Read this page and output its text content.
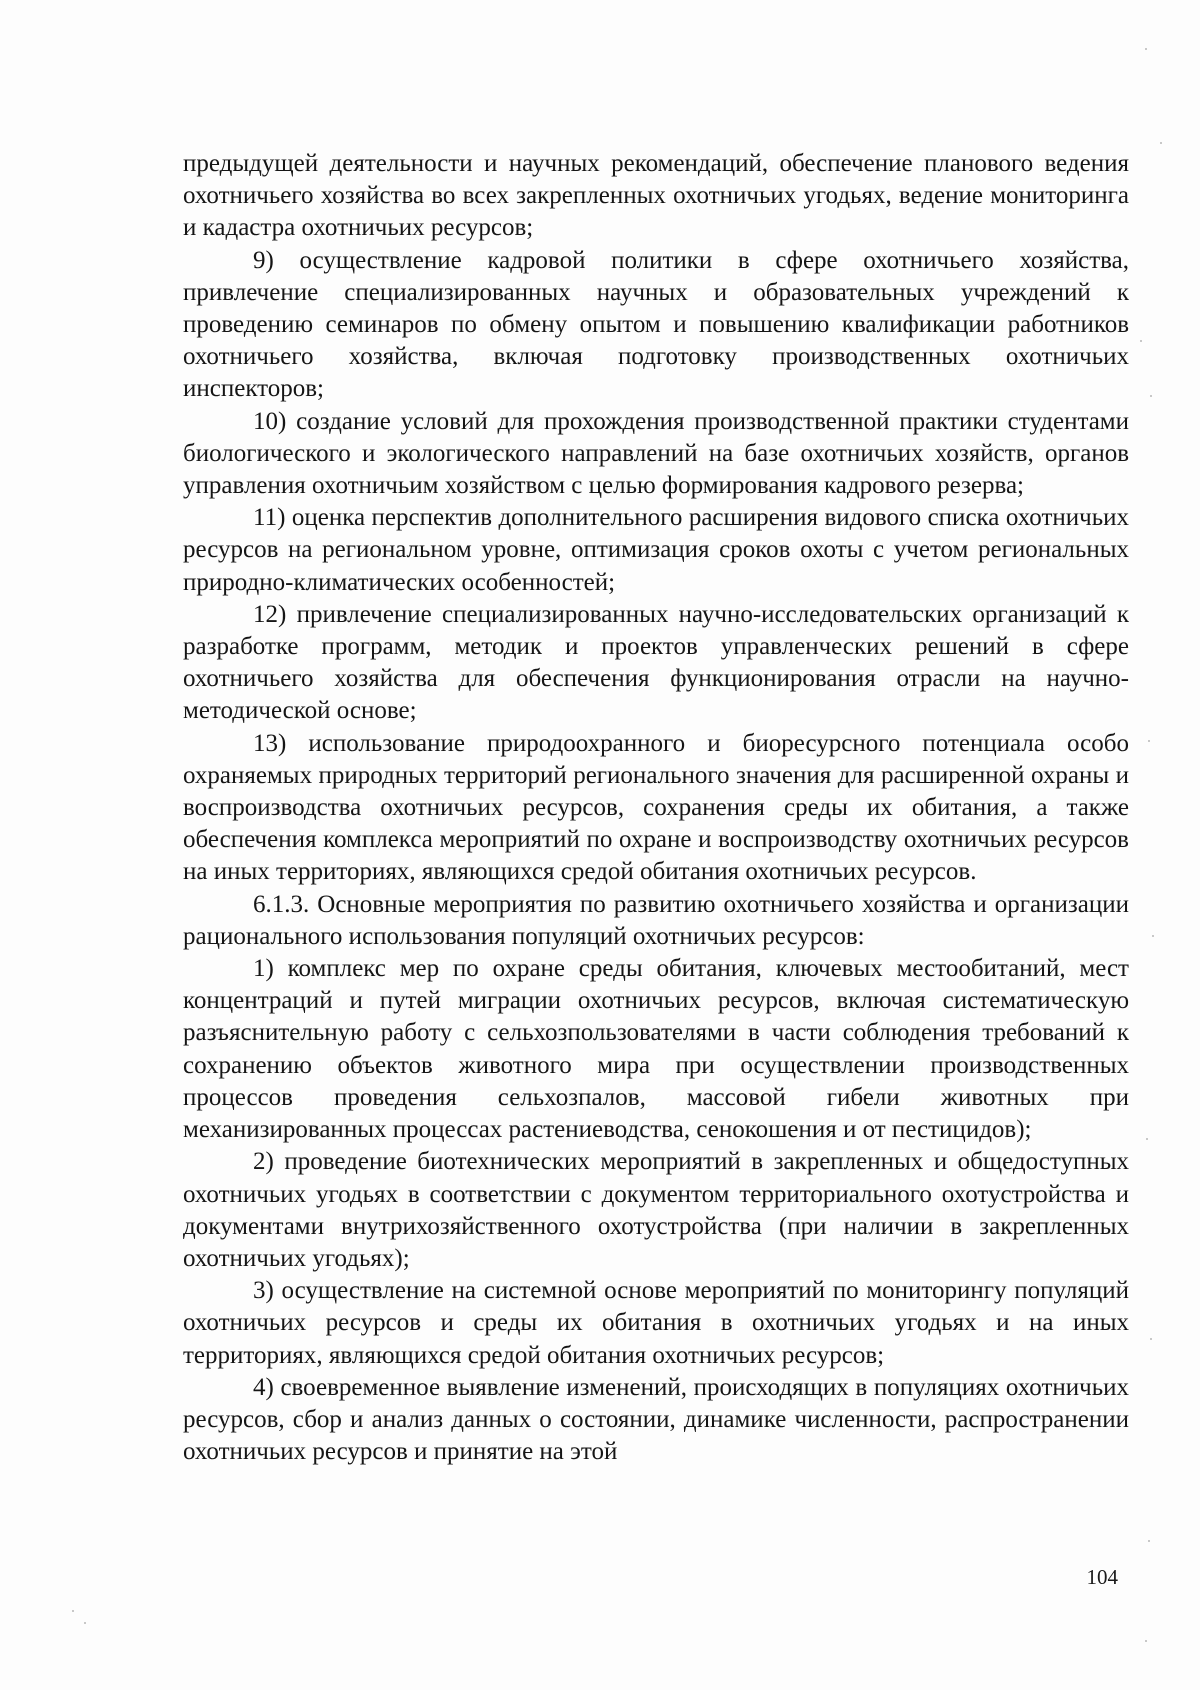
предыдущей деятельности и научных рекомендаций, обеспечение планового ведения охотничьего хозяйства во всех закрепленных охотничьих угодьях, ведение мониторинга и кадастра охотничьих ресурсов;

9) осуществление кадровой политики в сфере охотничьего хозяйства, привлечение специализированных научных и образовательных учреждений к проведению семинаров по обмену опытом и повышению квалификации работников охотничьего хозяйства, включая подготовку производственных охотничьих инспекторов;

10) создание условий для прохождения производственной практики студентами биологического и экологического направлений на базе охотничьих хозяйств, органов управления охотничьим хозяйством с целью формирования кадрового резерва;

11) оценка перспектив дополнительного расширения видового списка охотничьих ресурсов на региональном уровне, оптимизация сроков охоты с учетом региональных природно-климатических особенностей;

12) привлечение специализированных научно-исследовательских организаций к разработке программ, методик и проектов управленческих решений в сфере охотничьего хозяйства для обеспечения функционирования отрасли на научно-методической основе;

13) использование природоохранного и биоресурсного потенциала особо охраняемых природных территорий регионального значения для расширенной охраны и воспроизводства охотничьих ресурсов, сохранения среды их обитания, а также обеспечения комплекса мероприятий по охране и воспроизводству охотничьих ресурсов на иных территориях, являющихся средой обитания охотничьих ресурсов.

6.1.3. Основные мероприятия по развитию охотничьего хозяйства и организации рационального использования популяций охотничьих ресурсов:

1) комплекс мер по охране среды обитания, ключевых местообитаний, мест концентраций и путей миграции охотничьих ресурсов, включая систематическую разъяснительную работу с сельхозпользователями в части соблюдения требований к сохранению объектов животного мира при осуществлении производственных процессов проведения сельхозпалов, массовой гибели животных при механизированных процессах растениеводства, сенокошения и от пестицидов);

2) проведение биотехнических мероприятий в закрепленных и общедоступных охотничьих угодьях в соответствии с документом территориального охотустройства и документами внутрихозяйственного охотустройства (при наличии в закрепленных охотничьих угодьях);

3) осуществление на системной основе мероприятий по мониторингу популяций охотничьих ресурсов и среды их обитания в охотничьих угодьях и на иных территориях, являющихся средой обитания охотничьих ресурсов;

4) своевременное выявление изменений, происходящих в популяциях охотничьих ресурсов, сбор и анализ данных о состоянии, динамике численности, распространении охотничьих ресурсов и принятие на этой

104
